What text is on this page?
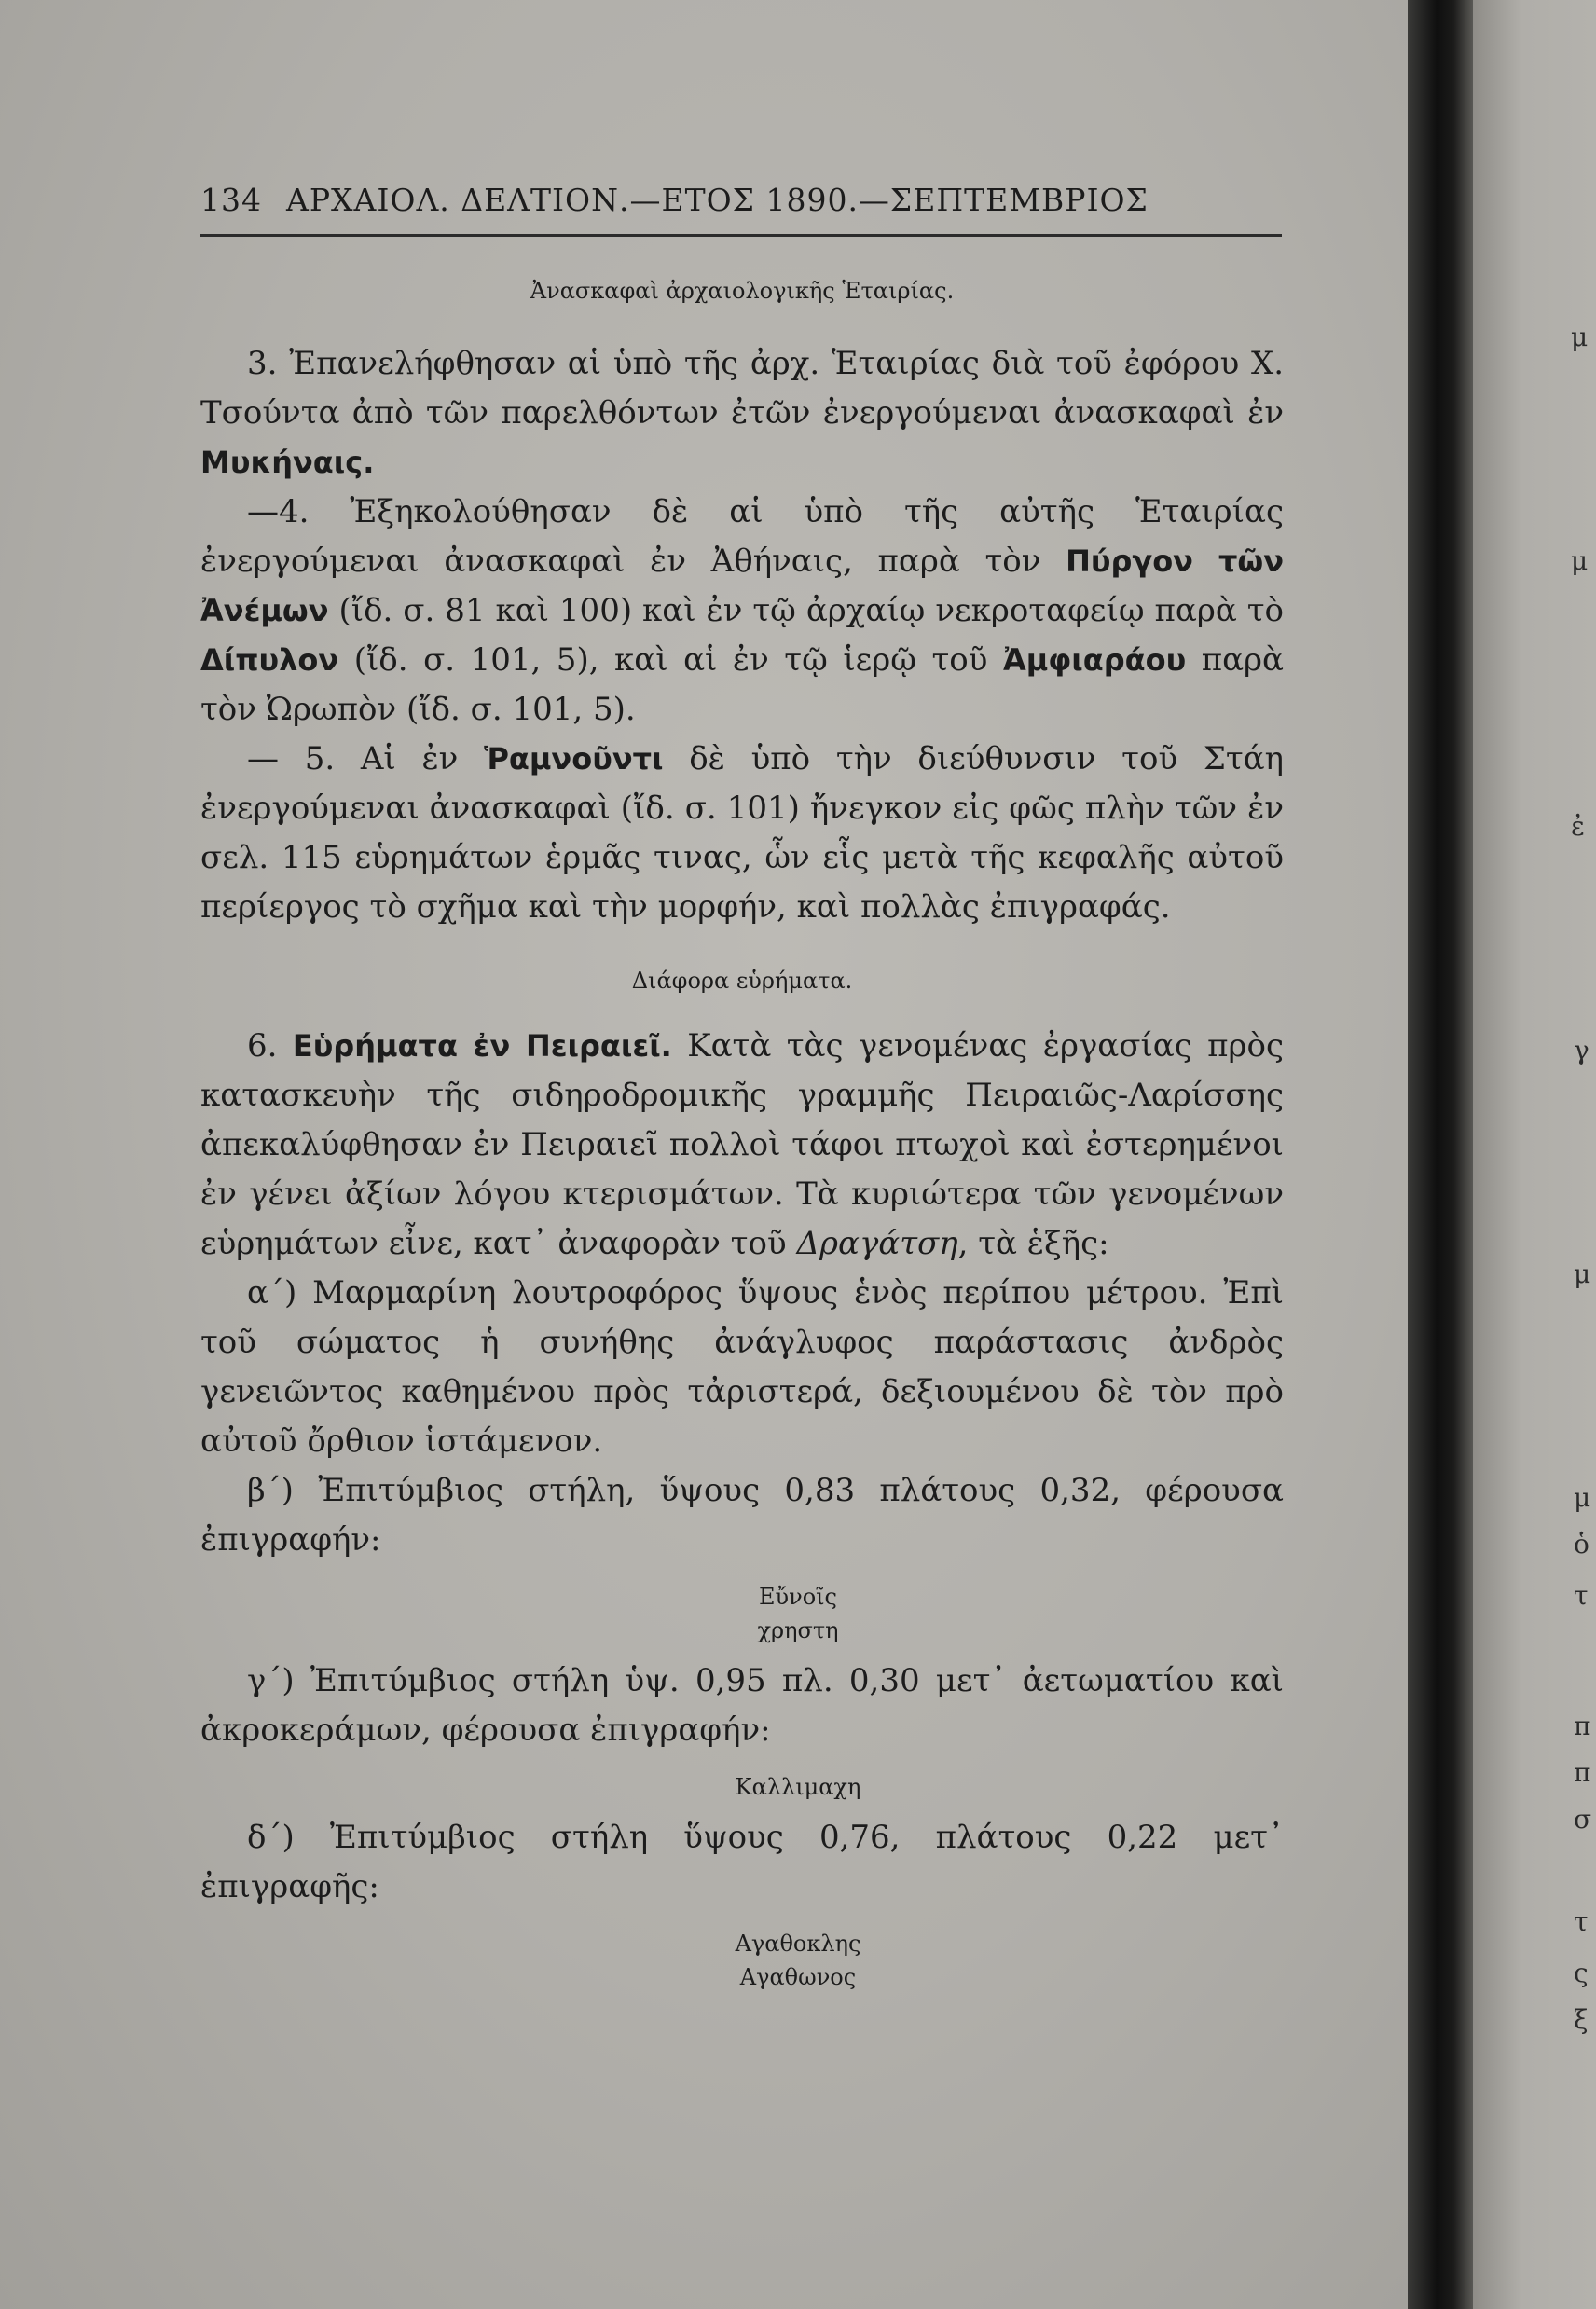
134 ΑΡΧΑΙΟΛ. ΔΕΛΤΙΟΝ.—ΕΤΟΣ 1890.—ΣΕΠΤΕΜΒΡΙΟΣ
Ἀνασκαφαὶ ἀρχαιολογικῆς Ἑταιρίας.

3. Ἐπανελήφθησαν αἱ ὑπὸ τῆς ἀρχ. Ἑταιρίας διὰ τοῦ ἐφόρου Χ. Τσούντα ἀπὸ τῶν παρελθόντων ἐτῶν ἐνεργούμεναι ἀνασκαφαὶ ἐν Μυκήναις.

—4. Ἐξηκολούθησαν δὲ αἱ ὑπὸ τῆς αὐτῆς Ἑταιρίας ἐνεργούμεναι ἀνασκαφαὶ ἐν Ἀθήναις, παρὰ τὸν Πύργον τῶν Ἀνέμων (ἴδ. σ. 81 καὶ 100) καὶ ἐν τῷ ἀρχαίῳ νεκροταφείῳ παρὰ τὸ Δίπυλον (ἴδ. σ. 101, 5), καὶ αἱ ἐν τῷ ἱερῷ τοῦ Ἀμφιαράου παρὰ τὸν Ὠρωπὸν (ἴδ. σ. 101, 5).

— 5. Αἱ ἐν Ῥαμνοῦντι δὲ ὑπὸ τὴν διεύθυνσιν τοῦ Στάη ἐνεργούμεναι ἀνασκαφαὶ (ἴδ. σ. 101) ἤνεγκον εἰς φῶς πλὴν τῶν ἐν σελ. 115 εὑρημάτων ἑρμᾶς τινας, ὧν εἷς μετὰ τῆς κεφαλῆς αὐτοῦ περίεργος τὸ σχῆμα καὶ τὴν μορφήν, καὶ πολλὰς ἐπιγραφάς.

Διάφορα εὑρήματα.

6. Εὑρήματα ἐν Πειραιεῖ. Κατὰ τὰς γενομένας ἐργασίας πρὸς κατασκευὴν τῆς σιδηροδρομικῆς γραμμῆς Πειραιῶς-Λαρίσσης ἀπεκαλύφθησαν ἐν Πειραιεῖ πολλοὶ τάφοι πτωχοὶ καὶ ἐστερημένοι ἐν γένει ἀξίων λόγου κτερισμάτων. Τὰ κυριώτερα τῶν γενομένων εὑρημάτων εἶνε, κατ᾽ ἀναφορὰν τοῦ Δραγάτση, τὰ ἑξῆς:

α΄) Μαρμαρίνη λουτροφόρος ὕψους ἑνὸς περίπου μέτρου. Ἐπὶ τοῦ σώματος ἡ συνήθης ἀνάγλυφος παράστασις ἀνδρὸς γενειῶντος καθημένου πρὸς τἀριστερά, δεξιουμένου δὲ τὸν πρὸ αὐτοῦ ὄρθιον ἱστάμενον.

β΄) Ἐπιτύμβιος στήλη, ὕψους 0,83 πλάτους 0,32, φέρουσα ἐπιγραφήν:

Εὔνοῖς
χρηστη

γ΄) Ἐπιτύμβιος στήλη ὑψ. 0,95 πλ. 0,30 μετ᾽ ἀετωματίου καὶ ἀκροκεράμων, φέρουσα ἐπιγραφήν:

Καλλιμαχη

δ΄) Ἐπιτύμβιος στήλη ὕψους 0,76, πλάτους 0,22 μετ᾽ ἐπιγραφῆς:

Αγαθοκλης
Αγαθωνος
μ
μ
ἐ
γ
μ
μ
ὁ
τ
π
π
σ
τ
ς
ξ
